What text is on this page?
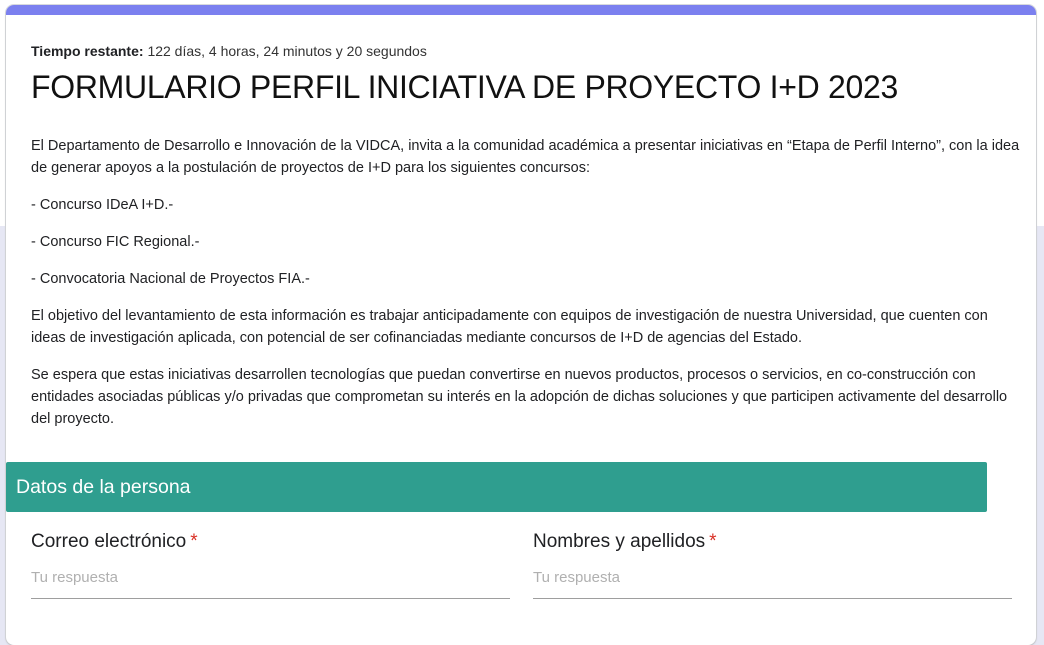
Tiempo restante: 122 días, 4 horas, 24 minutos y 20 segundos
FORMULARIO PERFIL INICIATIVA DE PROYECTO I+D 2023

El Departamento de Desarrollo e Innovación de la VIDCA, invita a la comunidad académica a presentar iniciativas en “Etapa de Perfil Interno”, con la idea de generar apoyos a la postulación de proyectos de I+D para los siguientes concursos:

- Concurso IDeA I+D.-

- Concurso FIC Regional.-

- Convocatoria Nacional de Proyectos FIA.-

El objetivo del levantamiento de esta información es trabajar anticipadamente con equipos de investigación de nuestra Universidad, que cuenten con ideas de investigación aplicada, con potencial de ser cofinanciadas mediante concursos de I+D de agencias del Estado.

Se espera que estas iniciativas desarrollen tecnologías que puedan convertirse en nuevos productos, procesos o servicios, en co-construcción con entidades asociadas públicas y/o privadas que comprometan su interés en la adopción de dichas soluciones y que participen activamente del desarrollo del proyecto.

Datos de la persona
Correo electrónico *
Tu respuesta	Nombres y apellidos *
Tu respuesta
